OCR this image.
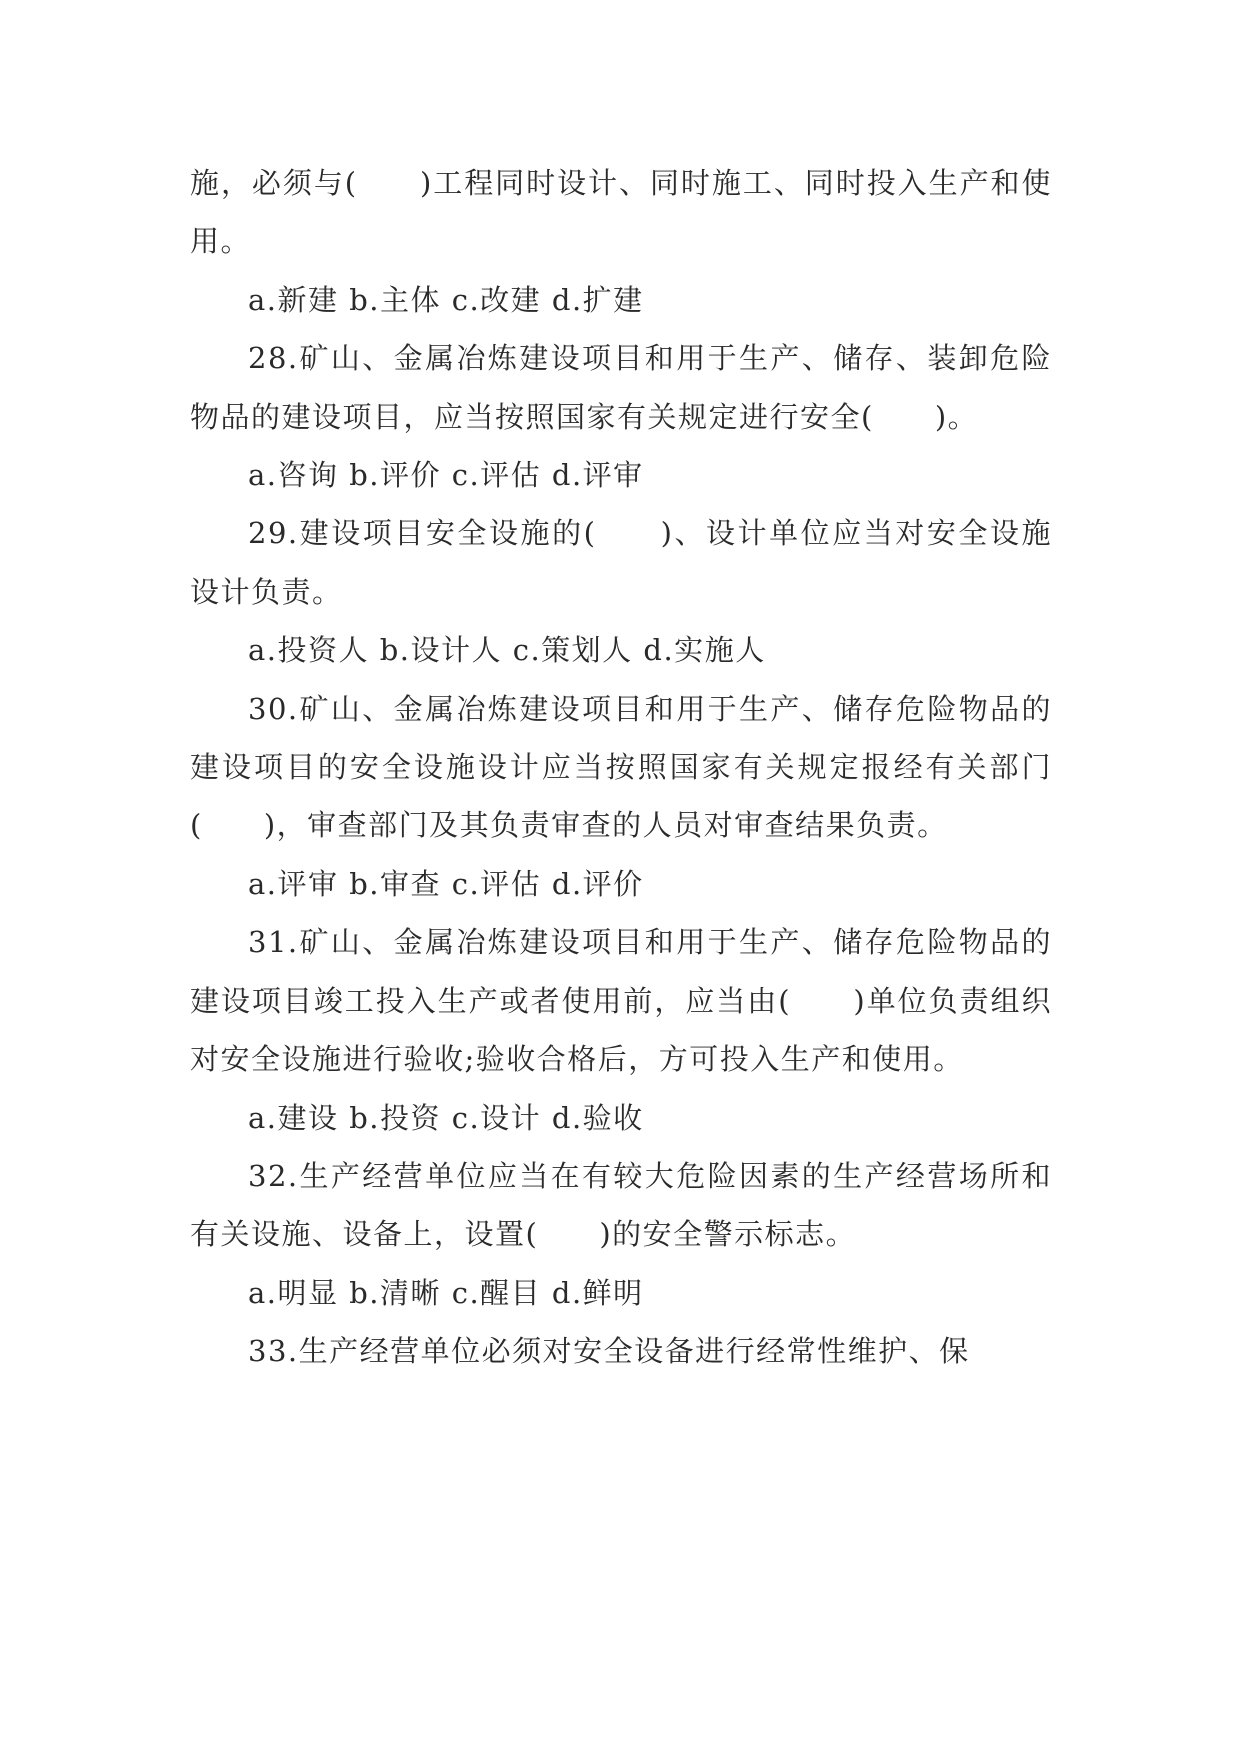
施，必须与(　　)工程同时设计、同时施工、同时投入生产和使用。

a.新建 b.主体 c.改建 d.扩建

28.矿山、金属冶炼建设项目和用于生产、储存、装卸危险物品的建设项目，应当按照国家有关规定进行安全(　　)。

a.咨询 b.评价 c.评估 d.评审

29.建设项目安全设施的(　　)、设计单位应当对安全设施设计负责。

a.投资人 b.设计人 c.策划人 d.实施人

30.矿山、金属冶炼建设项目和用于生产、储存危险物品的建设项目的安全设施设计应当按照国家有关规定报经有关部门(　　)，审查部门及其负责审查的人员对审查结果负责。

a.评审 b.审查 c.评估 d.评价

31.矿山、金属冶炼建设项目和用于生产、储存危险物品的建设项目竣工投入生产或者使用前，应当由(　　)单位负责组织对安全设施进行验收;验收合格后，方可投入生产和使用。

a.建设 b.投资 c.设计 d.验收

32.生产经营单位应当在有较大危险因素的生产经营场所和有关设施、设备上，设置(　　)的安全警示标志。

a.明显 b.清晰 c.醒目 d.鲜明

33.生产经营单位必须对安全设备进行经常性维护、保
